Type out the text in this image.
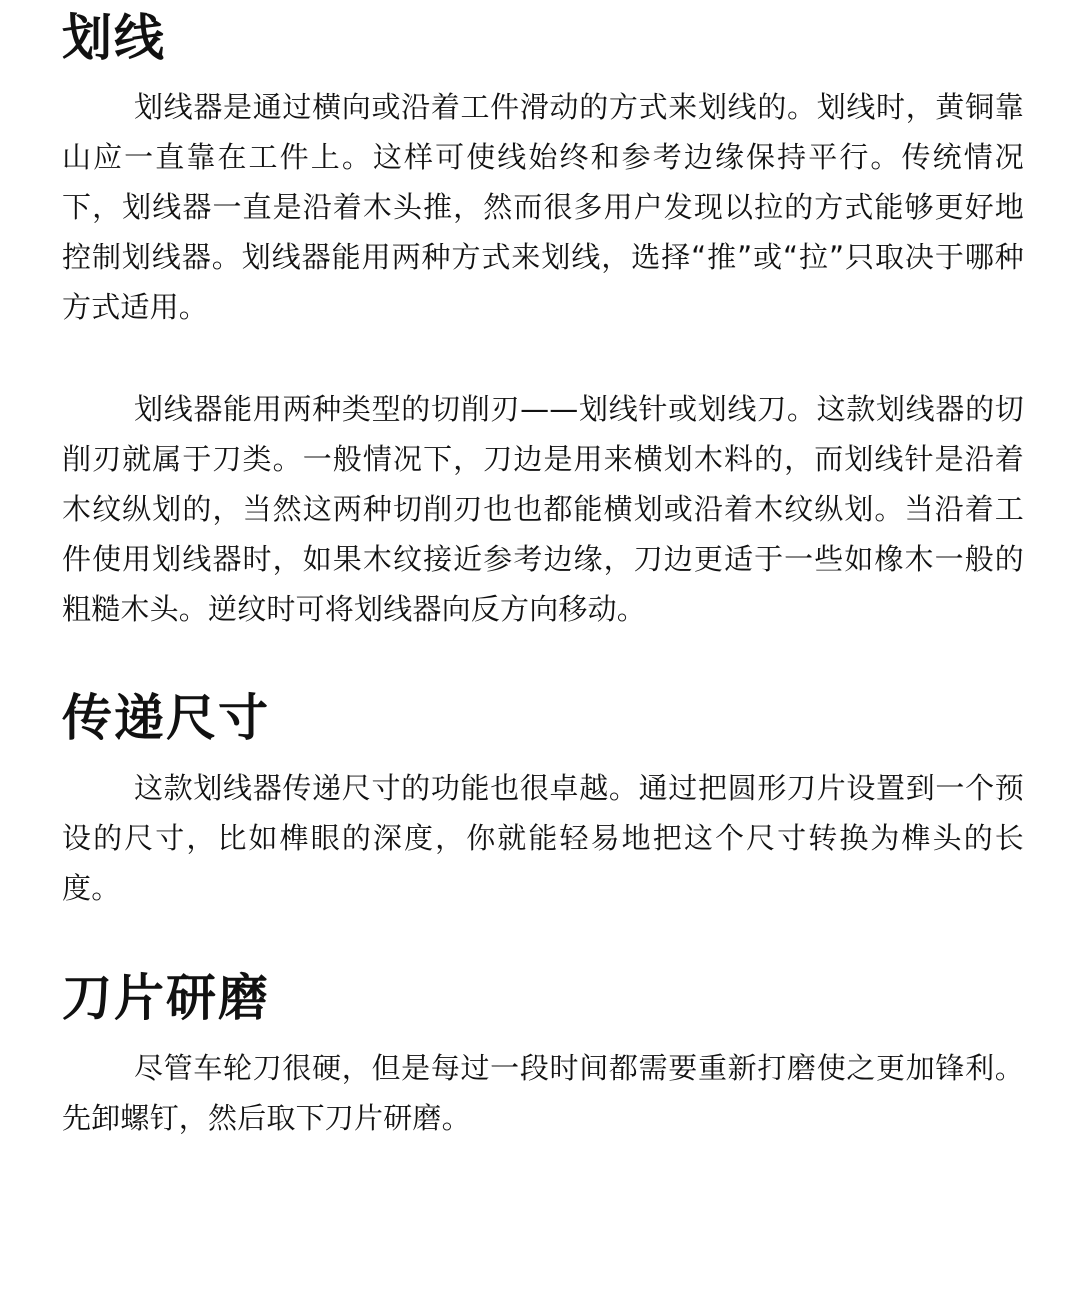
划线

划线器是通过横向或沿着工件滑动的方式来划线的。划线时，黄铜靠山应一直靠在工件上。这样可使线始终和参考边缘保持平行。传统情况下，划线器一直是沿着木头推，然而很多用户发现以拉的方式能够更好地控制划线器。划线器能用两种方式来划线，选择“推”或“拉”只取决于哪种方式适用。

划线器能用两种类型的切削刃——划线针或划线刀。这款划线器的切削刃就属于刀类。一般情况下，刀边是用来横划木料的，而划线针是沿着木纹纵划的，当然这两种切削刃也也都能横划或沿着木纹纵划。当沿着工件使用划线器时，如果木纹接近参考边缘，刀边更适于一些如橡木一般的粗糙木头。逆纹时可将划线器向反方向移动。

传递尺寸

这款划线器传递尺寸的功能也很卓越。通过把圆形刀片设置到一个预设的尺寸，比如榫眼的深度，你就能轻易地把这个尺寸转换为榫头的长度。

刀片研磨

尽管车轮刀很硬，但是每过一段时间都需要重新打磨使之更加锋利。先卸螺钉，然后取下刀片研磨。
